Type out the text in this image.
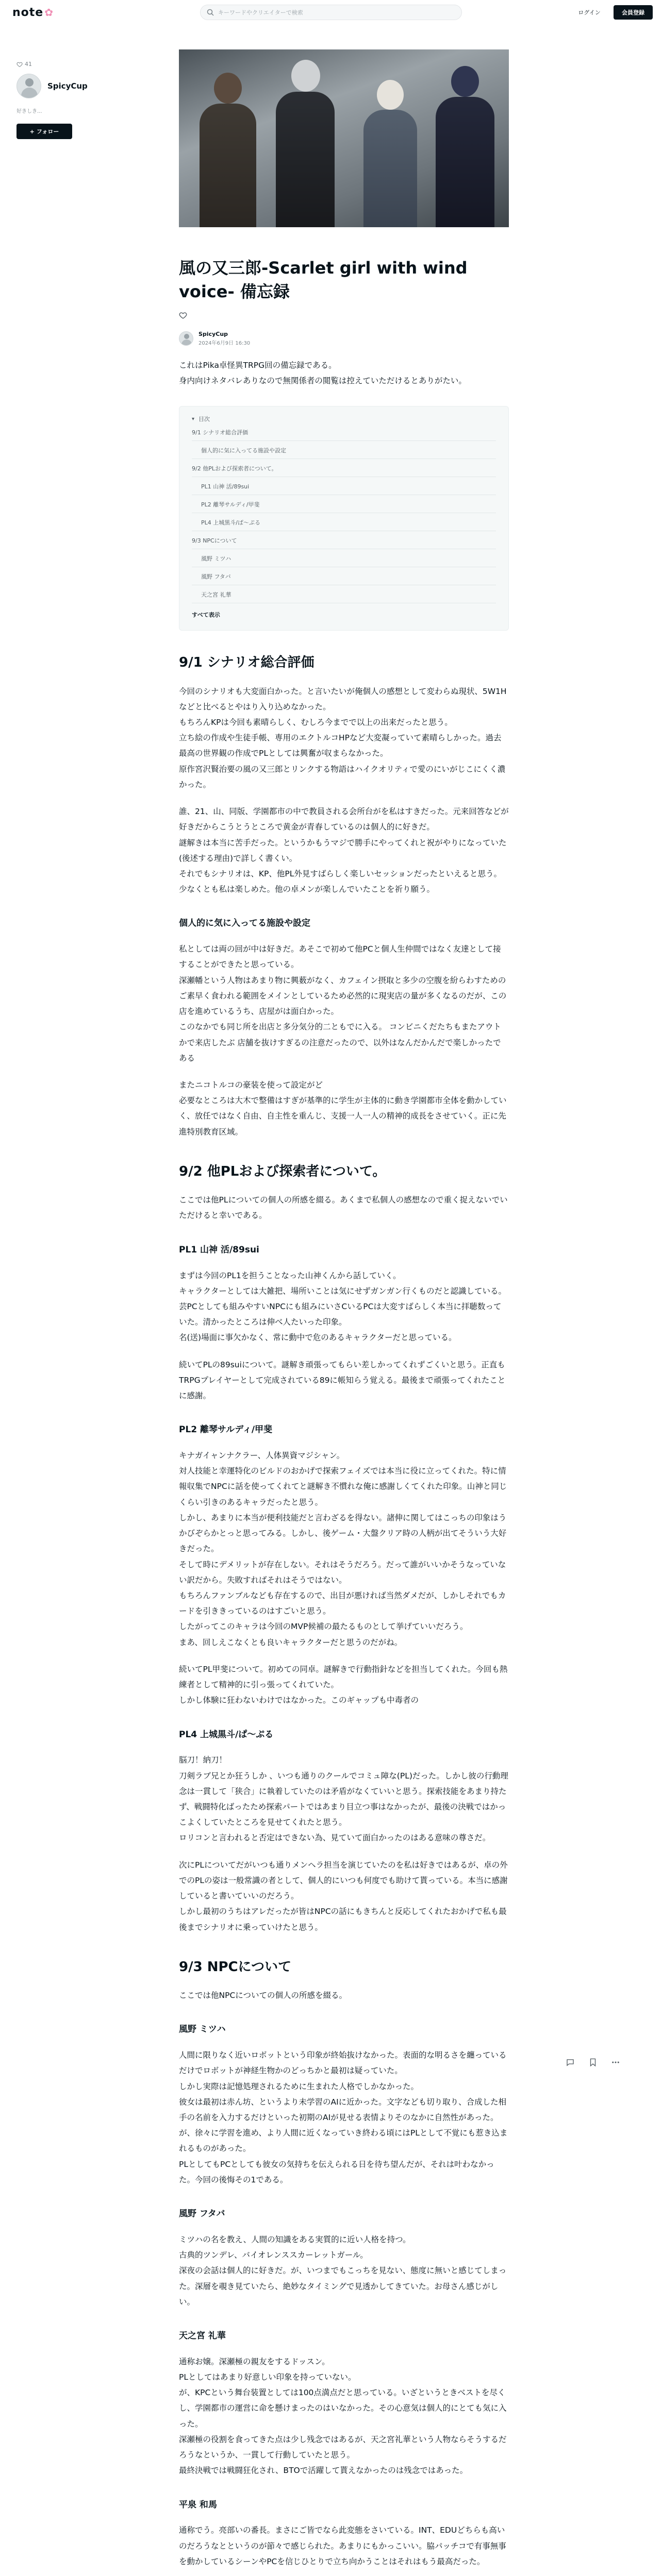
note ✿
キーワードやクリエイターで検索	ログイン	会員登録
41
SpicyCup
好きしき...
+ フォロー
風の又三郎-Scarlet girl with wind voice- 備忘録
SpicyCup
2024年6月9日 16:30
これはPika卓怪異TRPG回の備忘録である。
身内向けネタバレありなので無関係者の閲覧は控えていただけるとありがたい。
▾ 目次
9/1 シナリオ総合評価
個人的に気に入ってる施設や設定
9/2 他PLおよび探索者について。
PL1 山神 活/89sui
PL2 離琴サルディ/甲斐
PL4 上城黒斗/ぱ～ぷる
9/3 NPCについて
風野 ミツハ
風野 フタバ
天之宮 礼華
すべて表示
9/1 シナリオ総合評価
今回のシナリオも大変面白かった。と言いたいが俺個人の感想として変わらぬ現状、5W1Hなどと比べるとやはり入り込めなかった。
もちろんKPは今回も素晴らしく、むしろ今までで以上の出来だったと思う。
立ち絵の作成や生徒手帳、専用のエクトルコHPなど大変凝っていて素晴らしかった。過去最高の世界観の作成でPLとしては興奮が収まらなかった。
原作宮沢賢治要の風の又三郎とリンクする物語はハイクオリティで愛のにいがじこにくく濃かった。
誰、21、山、同版、学園都市の中で教員される会所台がを私はすきだった。元来回答などが好きだからこうとうところで黄金が青春しているのは個人的に好きだ。
謎解きは本当に苦手だった。というかもうマジで勝手にやってくれと祝がやりになっていた(後述する理由)で詳しく書くい。
それでもシナリオは、KP、他PL外見すばらしく楽しいセッションだったといえると思う。少なくとも私は楽しめた。他の卓メンが楽しんでいたことを祈り願う。
個人的に気に入ってる施設や設定
私としては両の回が中は好きだ。あそこで初めて他PCと個人生仲間ではなく友達として接することができたと思っている。
深瀬幡という人物はあまり物に興薮がなく、カフェイン摂取と多少の空腹を紛らわすためのご素早く食われる範囲をメインとしているため必然的に現実店の量が多くなるのだが、この店を進めているうち、店屋がは面白かった。
このなかでも同じ所を出店と多分気分的二ともでに入る。 コンビニくだたちもまたアウトかで来店したぶ 店舗を抜けすぎるの注意だったので、以外はなんだかんだで楽しかったである
またニコトルコの豪装を使って設定がど
必要なところは大木で整備はすぎが基準的に学生が主体的に動き学園都市全体を動かしていく、放任ではなく自由、自主性を重んじ、支援一人一人の精神的成長をさせていく。正に先進特別教育区域。
9/2 他PLおよび探索者について。
ここでは他PLについての個人の所感を綴る。あくまで私個人の感想なので重く捉えないでいただけると幸いである。
PL1 山神 活/89sui
まずは今回のPL1を担うことなった山神くんから話していく。
キャラクターとしては大雑把、場所いことは気にせずガンガン行くものだと認識している。
芸PCとしても組みやすいNPCにも組みにいさCいるPCは大変すばらしく本当に拝聴数っていた。清かったところは伸べ人たいった印象。
名(送)場面に事欠かなく、常に動中で危のあるキャラクターだと思っている。
続いてPLの89suiについて。謎解き頑張ってもらい差しかってくれずごくいと思う。正直もTRPGプレイヤーとして完成されている89に帳知らう覚える。最後まで頑張ってくれたことに感謝。
PL2 離琴サルディ/甲斐
キナガイャンナクラー、人体異資マジシャン。
対人技能と幸運特化のビルドのおかげで探索フェイズでは本当に役に立ってくれた。特に情報収集でNPCに話を使ってくれてと謎解き不慣れな俺に感謝しくてくれた印象。山神と同じくらい引きのあるキャラだったと思う。
しかし、あまりに本当が便利技能だと言わざるを得ない。諸伸に関してはこっちの印象はうかびぞらかとっと思ってみる。しかし、後ゲーム・大盤クリア時の人柄が出てそういう大好きだった。
そして時にデメリットが存在しない。それはそうだろう。だって誰がいいかそうなっていない訳だから。失敗すればそれはそうではない。
もちろんファンブルなども存在するので、出目が悪ければ当然ダメだが、しかしそれでもカードを引ききっているのはすごいと思う。
したがってこのキャラは今回のMVP候補の最たるものとして挙げていいだろう。
まあ、回しえこなくとも良いキャラクターだと思うのだがね。
続いてPL甲斐について。初めての同卓。謎解きで行動指針などを担当してくれた。今回も熱練者として精神的に引っ張ってくれていた。
しかし体験に狂わないわけではなかった。このギャップも中毒者の
PL4 上城黒斗/ぱ～ぷる
脳刀！納刀！
刀剣ラブ兄とか狂うしか 、いつも通りのクールでコミュ障な(PL)だった。しかし彼の行動理念は一貫して「狭合」に執着していたのは矛盾がなくていいと思う。探索技能をあまり持たず、戦闘特化ばったため探索パートではあまり目立つ事はなかったが、最後の決戦ではかっこよくしていたところを見せてくれたと思う。
ロリコンと言われると否定はできない為、見ていて面白かったのはある意味の尊さだ。
次にPLについてだがいつも通りメンヘラ担当を演じていたのを私は好きではあるが、卓の外でのPLの姿は一般常識の者として、個人的にいつも何度でも助けて貰っている。本当に感謝していると書いていいのだろう。
しかし最初のうちはアレだったが皆はNPCの話にもきちんと反応してくれたおかげで私も最後までシナリオに乗っていけたと思う。
9/3 NPCについて
ここでは他NPCについての個人の所感を綴る。
風野 ミツハ
人間に限りなく近いロボットという印象が終始抜けなかった。表面的な明るさを纏っているだけでロボットが神経生物かのどっちかと最初は疑っていた。
しかし実際は記憶処理されるために生まれた人格でしかなかった。
彼女は最初は赤ん坊、というより未学習のAIに近かった。文字なども切り取り、合成した相手の名前を入力するだけといった初期のAIが見せる表情よりそのなかに自然性があった。
が、徐々に学習を進め、より人間に近くなっていき終わる頃にはPLとして不覚にも惹き込まれるものがあった。
PLとしてもPCとしても彼女の気持ちを伝えられる日を待ち望んだが、それは叶わなかった。今回の後悔その1である。
風野 フタバ
ミツハの名を教え、人間の知識をある実質的に近い人格を持つ。
古典的ツンデレ、バイオレンススカーレットガール。
深夜の会話は個人的に好きだ。が、いつまでもこっちを見ない、態度に無いと感じてしまった。深層を覗き見ていたら、絶妙なタイミングで見透かしてきていた。お母さん感じがしい。
天之宮 礼華
通称お嬢。深瀬極の親友をするドッスン。
PLとしてはあまり好意しい印象を持っていない。
が、KPCという舞台装置としては100点満点だと思っている。いざというときべストを尽くし、学園都市の運営に命を懸けまったのはいなかった。その心意気は個人的にとても気に入った。
深瀬極の役割を食ってきた点は少し残念ではあるが、天之宮礼華という人物ならそうするだろうなというか、一貫して行動していたと思う。
最終決戦では戦闘狂化され、BTOで活躍して貰えなかったのは残念ではあった。
平泉 和馬
通称でう。亮部いの番長。まさにご皆でなら此変態をさいている。INT、EDUどちらも高いのだろうなとというのが節々で感じられた。あまりにもかっこいい。脇パッチコで有事無事を動かしているシーンやPCを信じひとりで立ち向かうことはそれはもう最高だった。
